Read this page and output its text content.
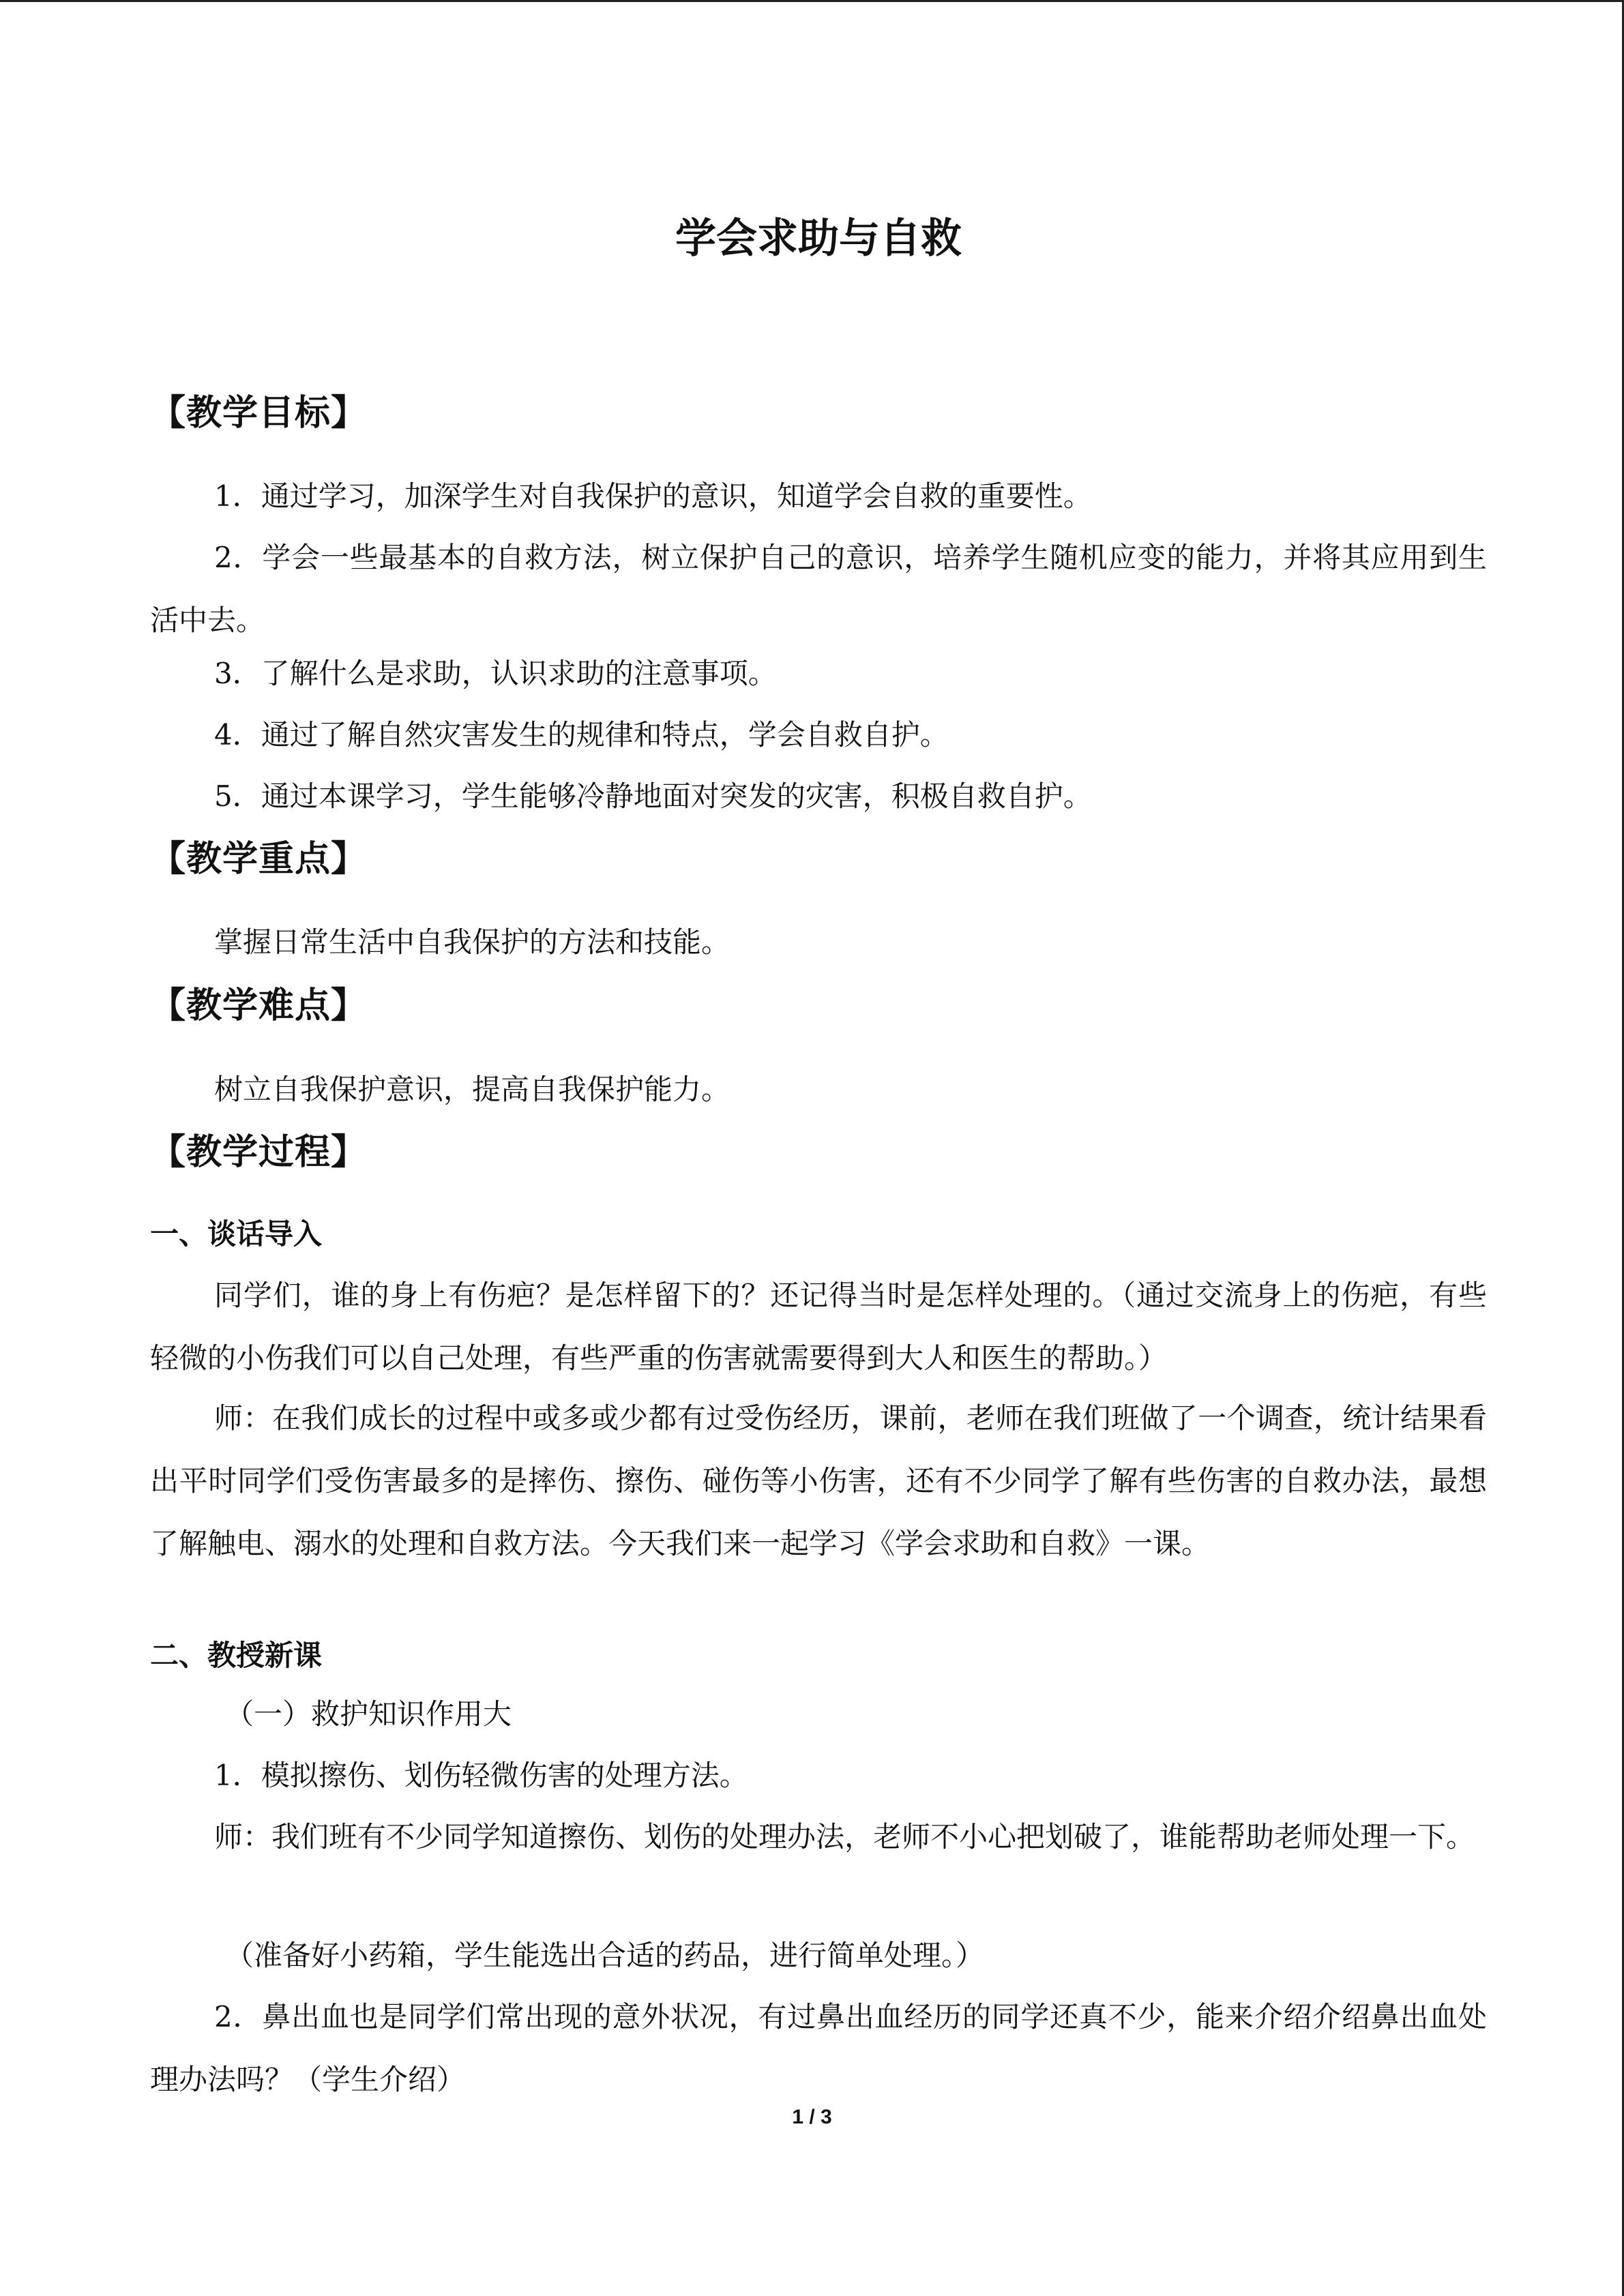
学会求助与自救
【教学目标】

1．通过学习，加深学生对自我保护的意识，知道学会自救的重要性。

2．学会一些最基本的自救方法，树立保护自己的意识，培养学生随机应变的能力，并将其应用到生活中去。

3．了解什么是求助，认识求助的注意事项。

4．通过了解自然灾害发生的规律和特点，学会自救自护。

5．通过本课学习，学生能够冷静地面对突发的灾害，积极自救自护。

【教学重点】

掌握日常生活中自我保护的方法和技能。

【教学难点】

树立自我保护意识，提高自我保护能力。

【教学过程】
一、谈话导入

同学们，谁的身上有伤疤？是怎样留下的？还记得当时是怎样处理的。（通过交流身上的伤疤，有些轻微的小伤我们可以自己处理，有些严重的伤害就需要得到大人和医生的帮助。）

师：在我们成长的过程中或多或少都有过受伤经历，课前，老师在我们班做了一个调查，统计结果看出平时同学们受伤害最多的是摔伤、擦伤、碰伤等小伤害，还有不少同学了解有些伤害的自救办法，最想了解触电、溺水的处理和自救方法。今天我们来一起学习《学会求助和自救》一课。

二、教授新课

（一）救护知识作用大

1．模拟擦伤、划伤轻微伤害的处理方法。

师：我们班有不少同学知道擦伤、划伤的处理办法，老师不小心把划破了，谁能帮助老师处理一下。

（准备好小药箱，学生能选出合适的药品，进行简单处理。）

2．鼻出血也是同学们常出现的意外状况，有过鼻出血经历的同学还真不少，能来介绍介绍鼻出血处理办法吗？（学生介绍）

1 / 3
